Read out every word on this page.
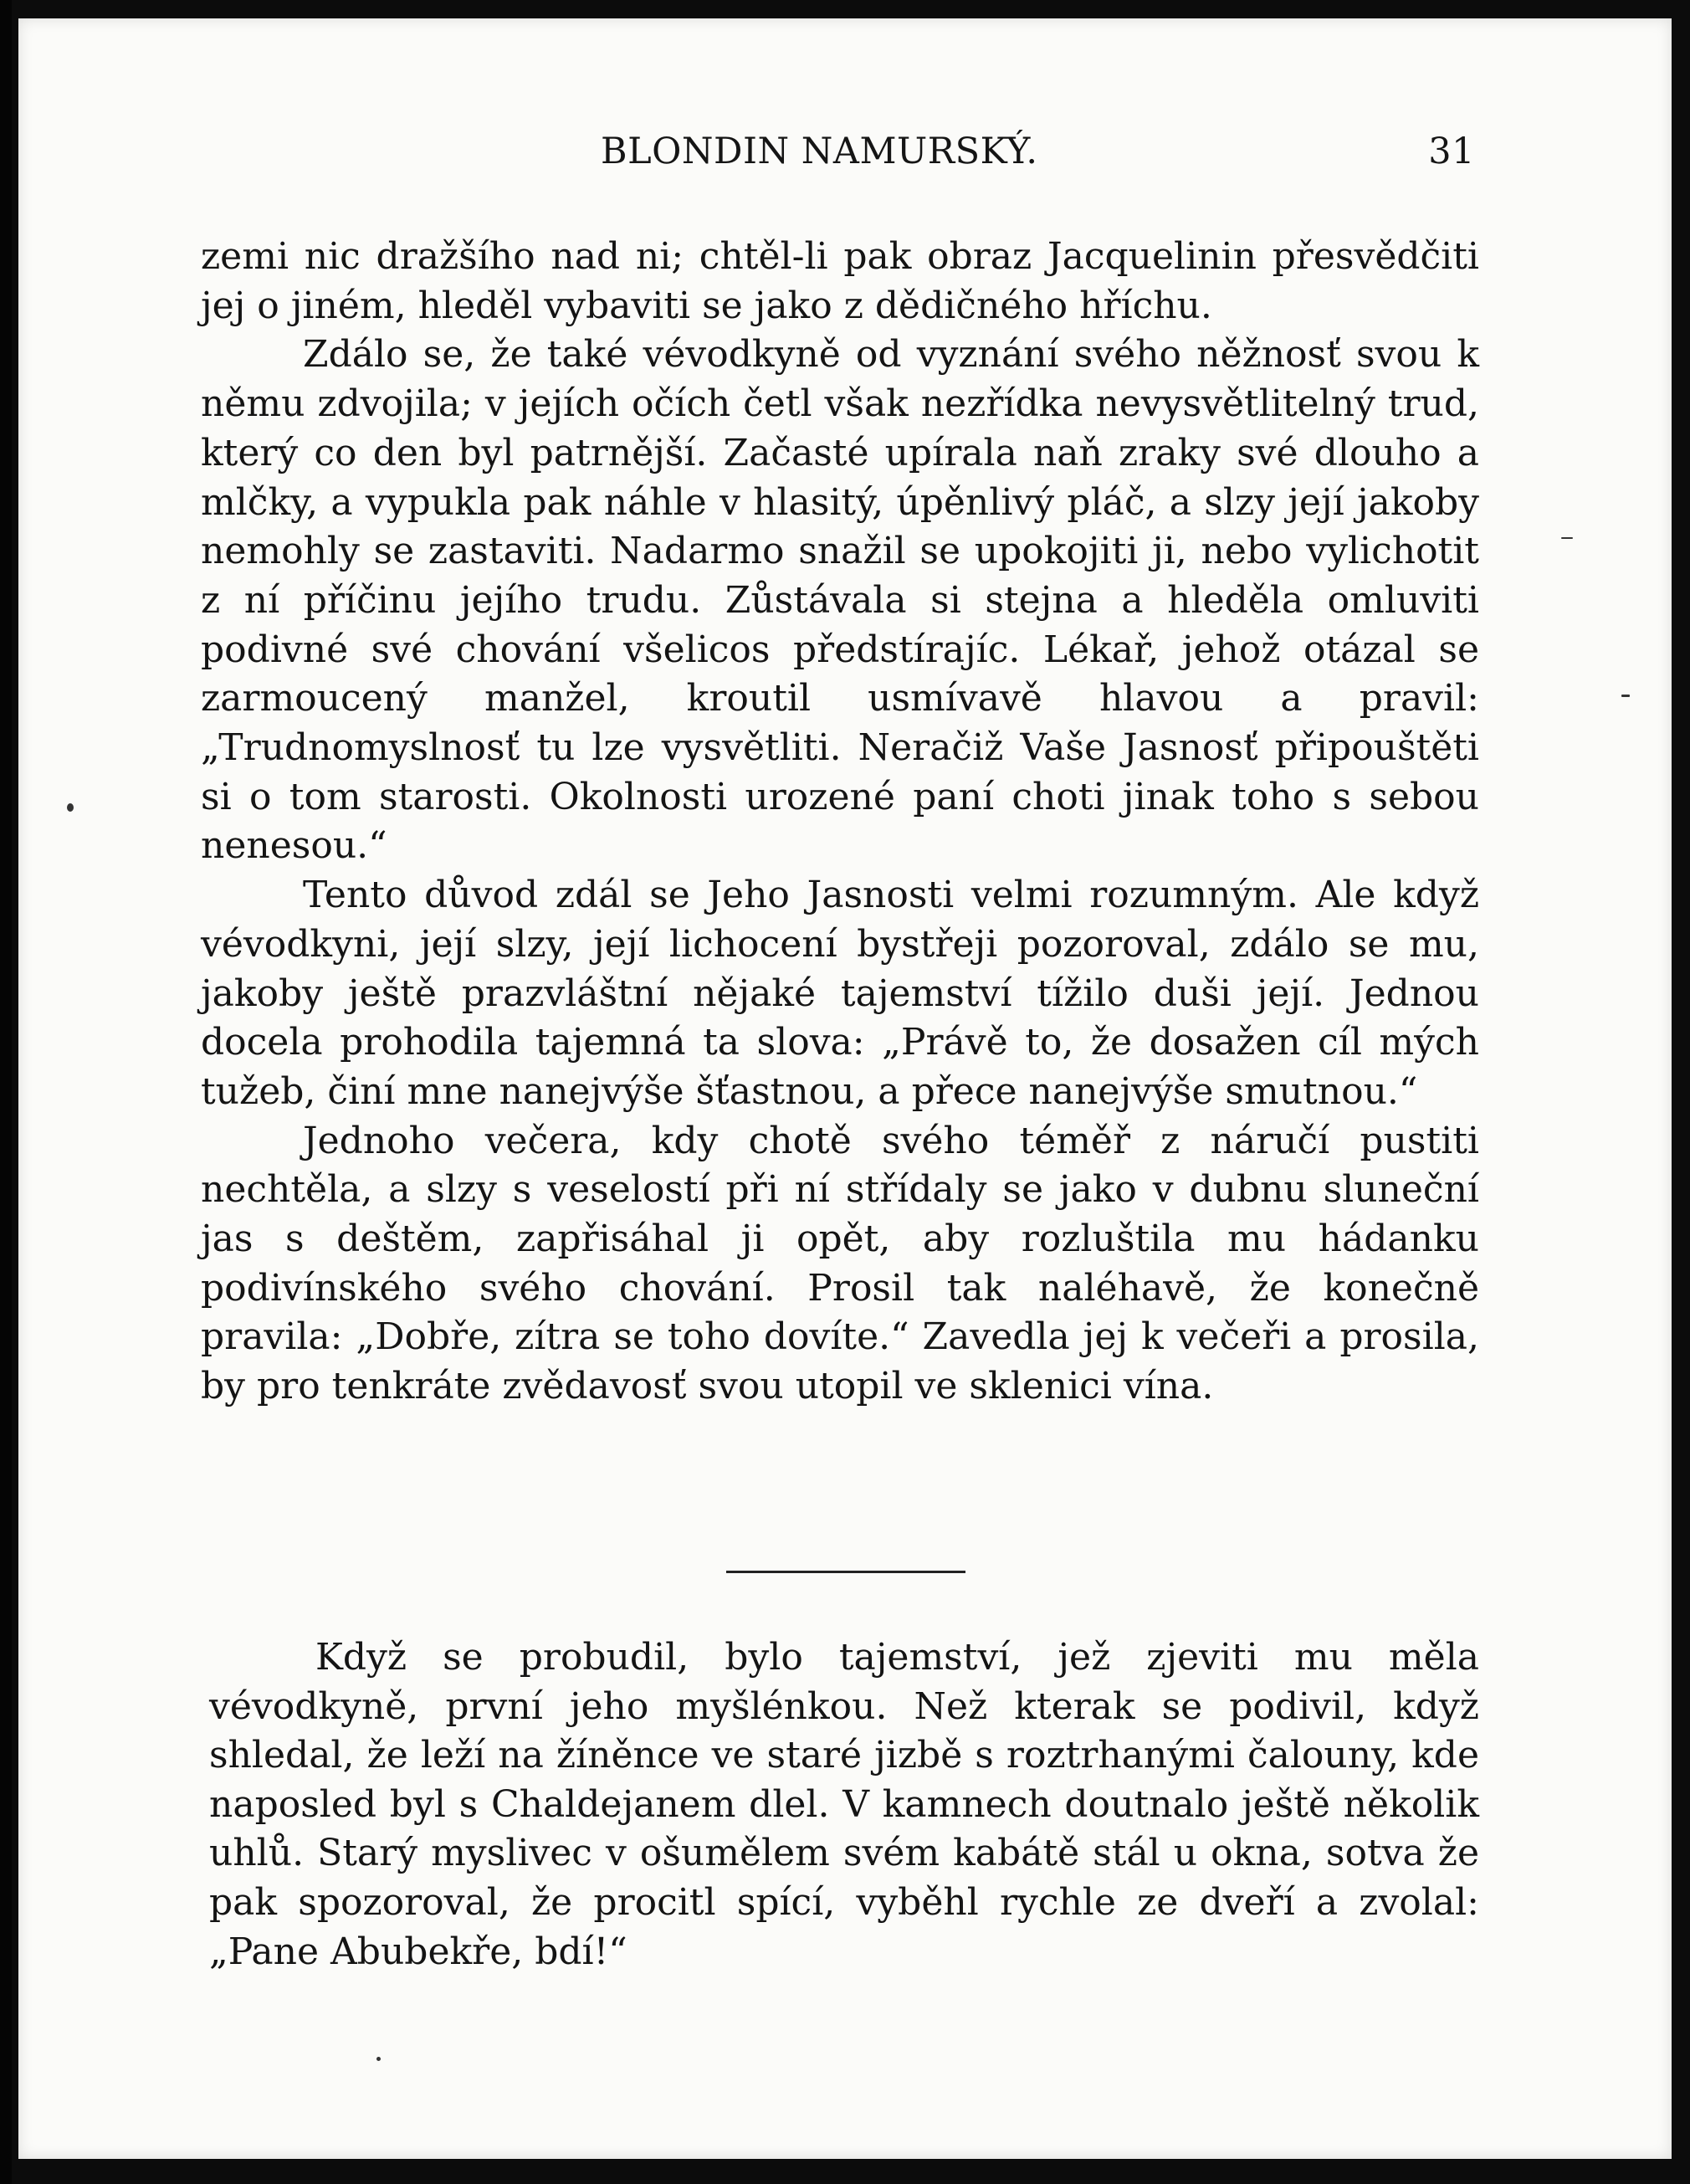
BLONDIN NAMURSKÝ.	31

zemi nic dražšího nad ni; chtěl-li pak obraz Jacquelinin přesvědčiti jej o jiném, hleděl vybaviti se jako z dědičného hříchu.

Zdálo se, že také vévodkyně od vyznání svého něžnosť svou k němu zdvojila; v jejích očích četl však nezřídka nevysvětlitelný trud, který co den byl patrnější. Začasté upírala naň zraky své dlouho a mlčky, a vypukla pak náhle v hlasitý, úpěnlivý pláč, a slzy její jakoby nemohly se zastaviti. Nadarmo snažil se upokojiti ji, nebo vylichotit z ní příčinu jejího trudu. Zůstávala si stejna a hleděla omluviti podivné své chování všelicos předstírajíc. Lékař, jehož otázal se zarmoucený manžel, kroutil usmívavě hlavou a pravil: „Trudnomyslnosť tu lze vysvětliti. Neračiž Vaše Jasnosť připouštěti si o tom starosti. Okolnosti urozené paní choti jinak toho s sebou nenesou.“

Tento důvod zdál se Jeho Jasnosti velmi rozumným. Ale když vévodkyni, její slzy, její lichocení bystřeji pozoroval, zdálo se mu, jakoby ještě prazvláštní nějaké tajemství tížilo duši její. Jednou docela prohodila tajemná ta slova: „Právě to, že dosažen cíl mých tužeb, činí mne nanejvýše šťastnou, a přece nanejvýše smutnou.“

Jednoho večera, kdy chotě svého téměř z náručí pustiti nechtěla, a slzy s veselostí při ní střídaly se jako v dubnu sluneční jas s deštěm, zapřisáhal ji opět, aby rozluštila mu hádanku podivínského svého chování. Prosil tak naléhavě, že konečně pravila: „Dobře, zítra se toho dovíte.“ Zavedla jej k večeři a prosila, by pro tenkráte zvědavosť svou utopil ve sklenici vína.

Když se probudil, bylo tajemství, jež zjeviti mu měla vévodkyně, první jeho myšlénkou. Než kterak se podivil, když shledal, že leží na žíněnce ve staré jizbě s roztrhanými čalouny, kde naposled byl s Chaldejanem dlel. V kamnech doutnalo ještě několik uhlů. Starý myslivec v ošumělem svém kabátě stál u okna, sotva že pak spozoroval, že procitl spící, vyběhl rychle ze dveří a zvolal: „Pane Abubekře, bdí!“
